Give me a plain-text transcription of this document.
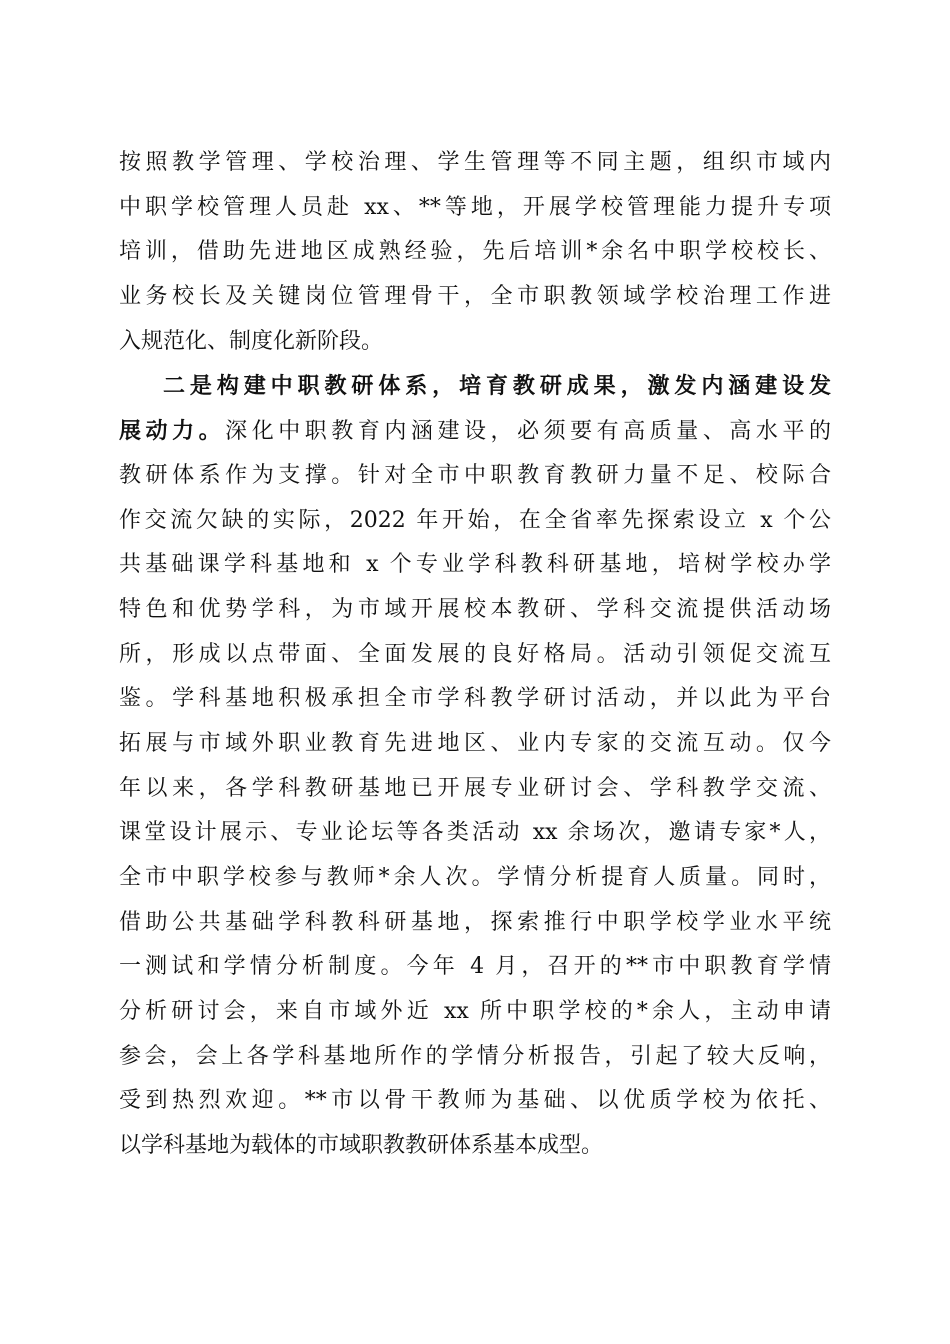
按照教学管理、学校治理、学生管理等不同主题，组织市域内
中职学校管理人员赴 xx、**等地，开展学校管理能力提升专项
培训，借助先进地区成熟经验，先后培训*余名中职学校校长、
业务校长及关键岗位管理骨干，全市职教领域学校治理工作进
入规范化、制度化新阶段。
二是构建中职教研体系，培育教研成果，激发内涵建设发
展动力。深化中职教育内涵建设，必须要有高质量、高水平的
教研体系作为支撑。针对全市中职教育教研力量不足、校际合
作交流欠缺的实际，2022 年开始，在全省率先探索设立 x 个公
共基础课学科基地和 x 个专业学科教科研基地，培树学校办学
特色和优势学科，为市域开展校本教研、学科交流提供活动场
所，形成以点带面、全面发展的良好格局。活动引领促交流互
鉴。学科基地积极承担全市学科教学研讨活动，并以此为平台
拓展与市域外职业教育先进地区、业内专家的交流互动。仅今
年以来，各学科教研基地已开展专业研讨会、学科教学交流、
课堂设计展示、专业论坛等各类活动 xx 余场次，邀请专家*人，
全市中职学校参与教师*余人次。学情分析提育人质量。同时，
借助公共基础学科教科研基地，探索推行中职学校学业水平统
一测试和学情分析制度。今年 4 月，召开的**市中职教育学情
分析研讨会，来自市域外近 xx 所中职学校的*余人，主动申请
参会，会上各学科基地所作的学情分析报告，引起了较大反响，
受到热烈欢迎。**市以骨干教师为基础、以优质学校为依托、
以学科基地为载体的市域职教教研体系基本成型。
